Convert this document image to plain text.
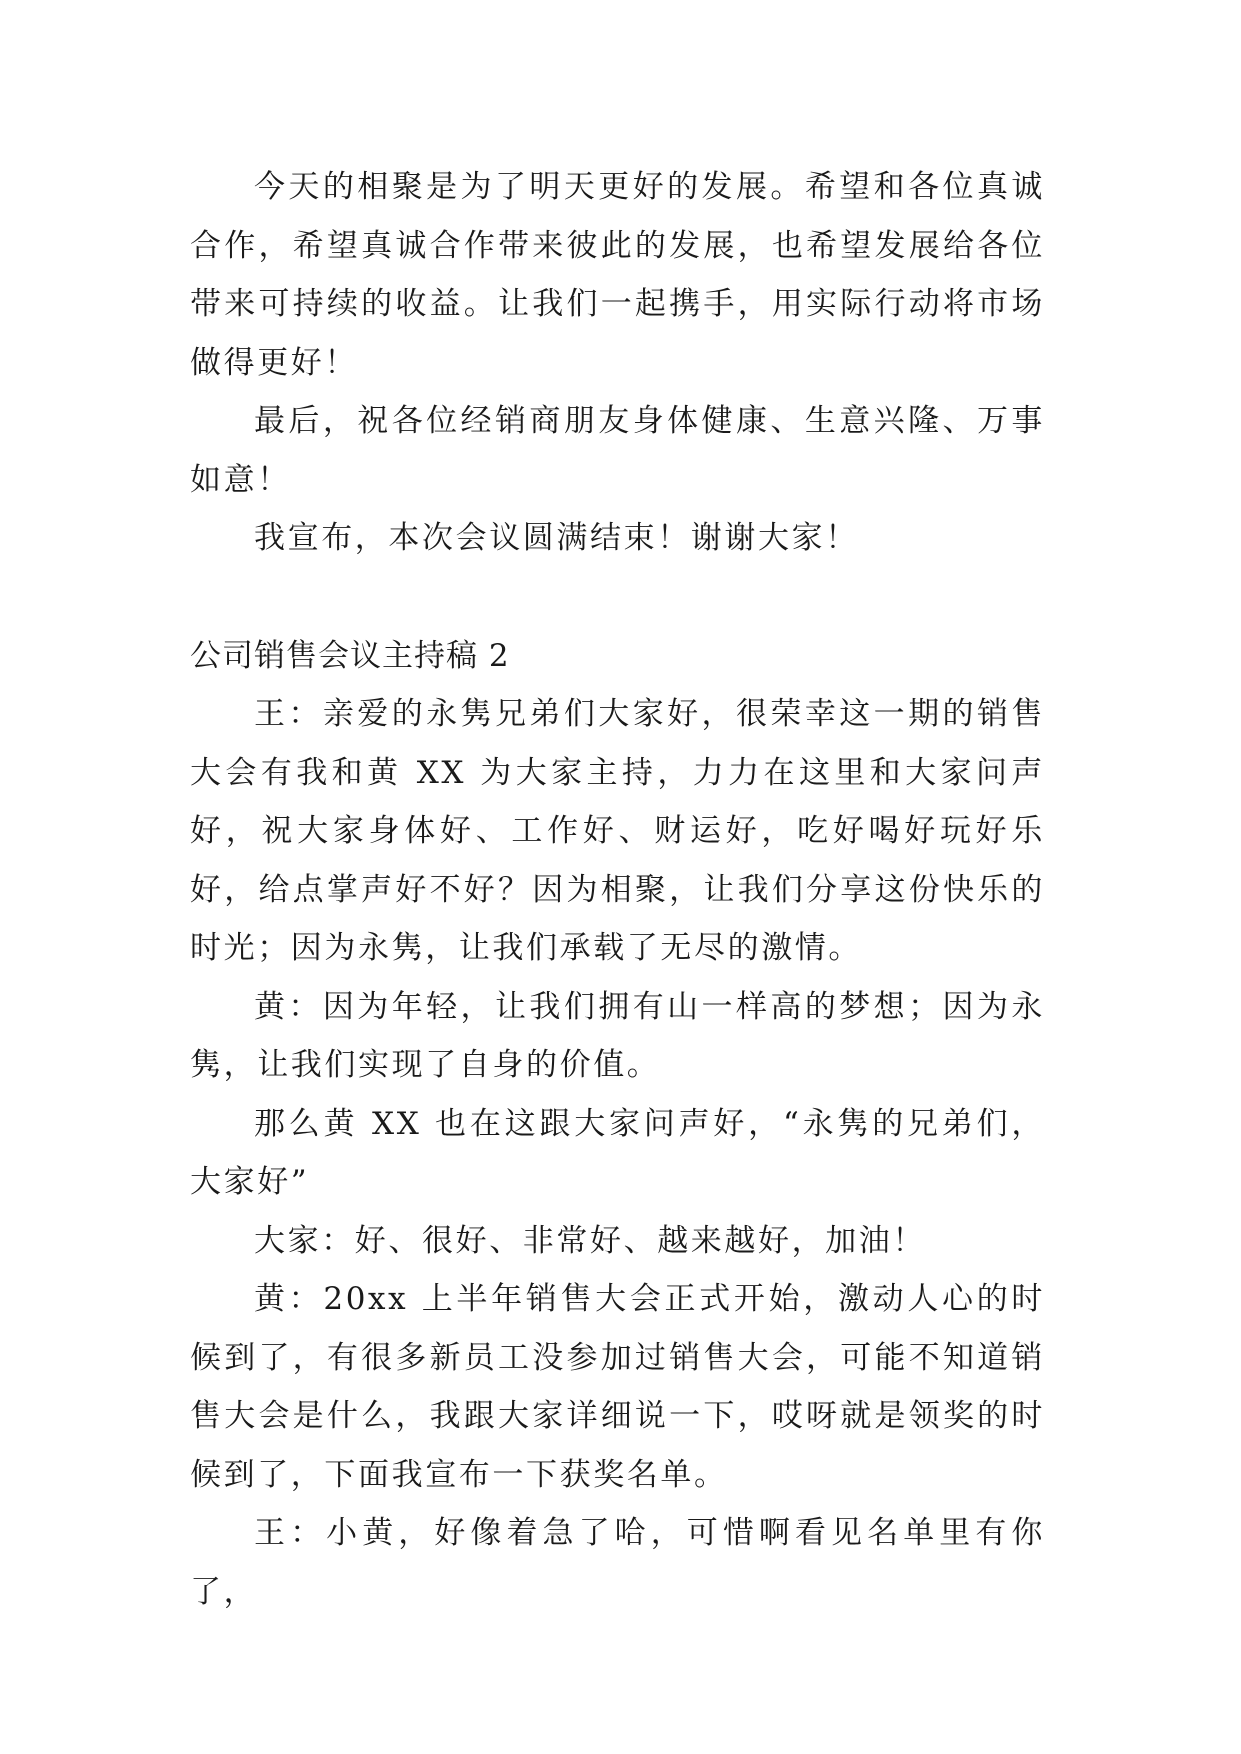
今天的相聚是为了明天更好的发展。希望和各位真诚合作，希望真诚合作带来彼此的发展，也希望发展给各位带来可持续的收益。让我们一起携手，用实际行动将市场做得更好！

最后，祝各位经销商朋友身体健康、生意兴隆、万事如意！

我宣布，本次会议圆满结束！谢谢大家！

公司销售会议主持稿 2

王：亲爱的永隽兄弟们大家好，很荣幸这一期的销售大会有我和黄 XX 为大家主持，力力在这里和大家问声好，祝大家身体好、工作好、财运好，吃好喝好玩好乐好，给点掌声好不好？因为相聚，让我们分享这份快乐的时光；因为永隽，让我们承载了无尽的激情。

黄：因为年轻，让我们拥有山一样高的梦想；因为永隽，让我们实现了自身的价值。

那么黄 XX 也在这跟大家问声好，“永隽的兄弟们，大家好”

大家：好、很好、非常好、越来越好，加油！

黄：20xx 上半年销售大会正式开始，激动人心的时候到了，有很多新员工没参加过销售大会，可能不知道销售大会是什么，我跟大家详细说一下，哎呀就是领奖的时候到了，下面我宣布一下获奖名单。

王：小黄，好像着急了哈，可惜啊看见名单里有你了，
